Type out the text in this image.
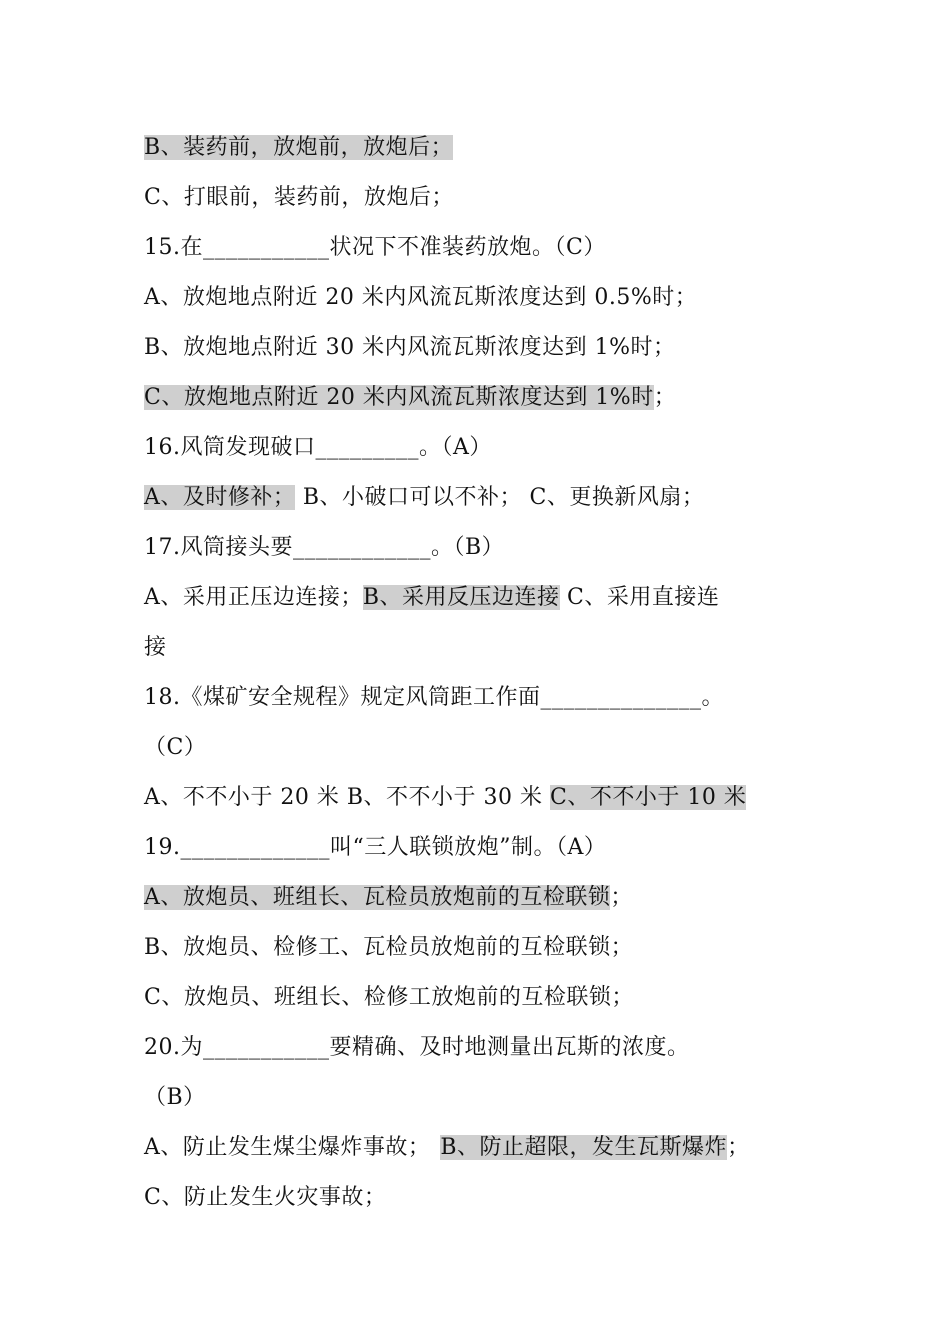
B、装药前，放炮前，放炮后；
C、打眼前，装药前，放炮后；
15.在___________状况下不准装药放炮。（C）
A、放炮地点附近 20 米内风流瓦斯浓度达到 0.5%时；
B、放炮地点附近 30 米内风流瓦斯浓度达到 1%时；
C、放炮地点附近 20 米内风流瓦斯浓度达到 1%时；
16.风筒发现破口_________。（A）
A、及时修补； B、小破口可以不补； C、更换新风扇；
17.风筒接头要____________。（B）
A、采用正压边连接；B、采用反压边连接 C、采用直接连
接
18.《煤矿安全规程》规定风筒距工作面______________。
（C）
A、不不小于 20 米 B、不不小于 30 米 C、不不小于 10 米
19._____________叫“三人联锁放炮”制。（A）
A、放炮员、班组长、瓦检员放炮前的互检联锁；
B、放炮员、检修工、瓦检员放炮前的互检联锁；
C、放炮员、班组长、检修工放炮前的互检联锁；
20.为___________要精确、及时地测量出瓦斯的浓度。
（B）
A、防止发生煤尘爆炸事故； B、防止超限，发生瓦斯爆炸；
C、防止发生火灾事故；
